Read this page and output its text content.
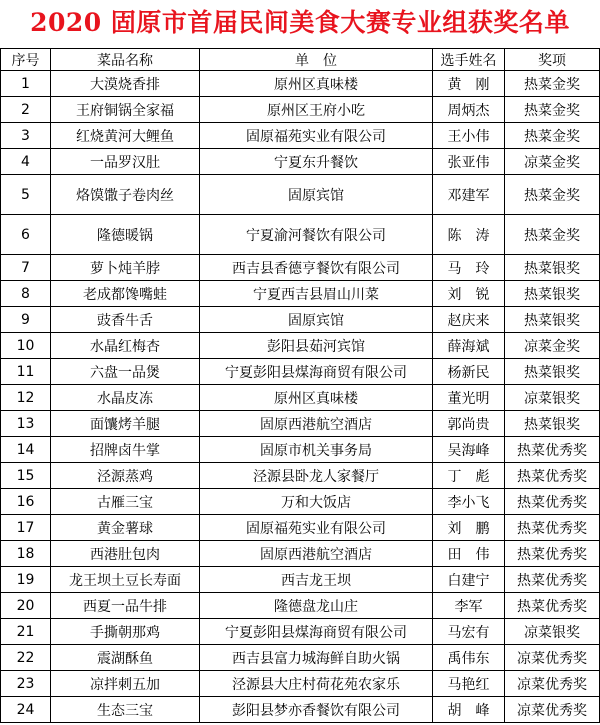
2020 固原市首届民间美食大赛专业组获奖名单
序号	菜品名称	单　位	选手姓名	奖项
1	大漠烧香排	原州区真味楼	黄　刚	热菜金奖
2	王府铜锅全家福	原州区王府小吃	周炳杰	热菜金奖
3	红烧黄河大鲤鱼	固原福苑实业有限公司	王小伟	热菜金奖
4	一品罗汉肚	宁夏东升餐饮	张亚伟	凉菜金奖
5	烙馍馓子卷肉丝	固原宾馆	邓建军	热菜金奖
6	隆德暖锅	宁夏渝河餐饮有限公司	陈　涛	热菜金奖
7	萝卜炖羊脖	西吉县香德亨餐饮有限公司	马　玲	热菜银奖
8	老成都馋嘴蛙	宁夏西吉县眉山川菜	刘　锐	热菜银奖
9	豉香牛舌	固原宾馆	赵庆来	热菜银奖
10	水晶红梅杏	彭阳县茹河宾馆	薛海斌	凉菜金奖
11	六盘一品煲	宁夏彭阳县煤海商贸有限公司	杨新民	热菜银奖
12	水晶皮冻	原州区真味楼	董光明	凉菜银奖
13	面馕烤羊腿	固原西港航空酒店	郭尚贵	热菜银奖
14	招牌卤牛掌	固原市机关事务局	吴海峰	热菜优秀奖
15	泾源蒸鸡	泾源县卧龙人家餐厅	丁　彪	热菜优秀奖
16	古雁三宝	万和大饭店	李小飞	热菜优秀奖
17	黄金薯球	固原福苑实业有限公司	刘　鹏	热菜优秀奖
18	西港肚包肉	固原西港航空酒店	田　伟	热菜优秀奖
19	龙王坝土豆长寿面	西吉龙王坝	白建宁	热菜优秀奖
20	西夏一品牛排	隆德盘龙山庄	李军	热菜优秀奖
21	手撕朝那鸡	宁夏彭阳县煤海商贸有限公司	马宏有	凉菜银奖
22	震湖酥鱼	西吉县富力城海鲜自助火锅	禹伟东	凉菜优秀奖
23	凉拌刺五加	泾源县大庄村荷花苑农家乐	马艳红	凉菜优秀奖
24	生态三宝	彭阳县梦亦香餐饮有限公司	胡　峰	凉菜优秀奖
